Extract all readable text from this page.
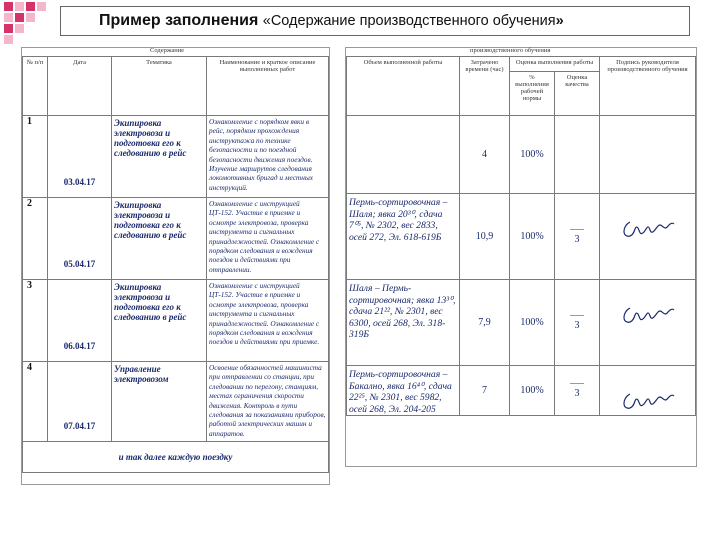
Пример заполнения «Содержание производственного обучения»
Содержание
№ п/п	Дата	Тематика	Наименование и краткое описание выполненных работ
1	03.04.17	Экипировка электровоза и подготовка его к следованию в рейс	Ознакомление с порядком явки в рейс, порядком прохождения инструктажа по технике безопасности и по поездной безопасности движения поездов. Изучение маршрутов следования локомотивных бригад и местных инструкций.
2	05.04.17	Экипировка электровоза и подготовка его к следованию в рейс	Ознакомление с инструкцией ЦТ-152. Участие в приемке и осмотре электровоза, проверка инструмента и сигнальных принадлежностей. Ознакомление с порядком следования и вождения поездов и действиями при отправлении.
3	06.04.17	Экипировка электровоза и подготовка его к следованию в рейс	Ознакомление с инструкцией ЦТ-152. Участие в приемке и осмотре электровоза, проверка инструмента и сигнальных принадлежностей. Ознакомление с порядком следования и вождения поездов и действиями при приемке.
4	07.04.17	Управление электровозом	Освоение обязанностей машиниста при отправлении со станции, при следовании по перегону, станциям, местах ограничения скорости движения. Контроль в пути следования за показаниями приборов, работой электрических машин и аппаратов.
и так далее каждую поездку			
производственного обучения
Объем выполненной работы	Затрачено времени (час)	Оценка выполнения работы		Подпись руководителя производственного обучения
		% выполнения рабочей нормы	Оценка качества	
	4	100%		
Пермь-сортировочная – Шаля; явка 20³⁰, сдача 7⁰⁵, № 2302, вес 2833, осей 272, Эл. 618-619Б	10,9	100%	3	

Шаля – Пермь-сортировочная; явка 13³⁰, сдача 21²², № 2301, вес 6300, осей 268, Эл. 318-319Б	7,9	100%	3	

Пермь-сортировочная – Бакално, явка 16⁴⁰, сдача 22²⁵, № 2301, вес 5982, осей 268, Эл. 204-205	7	100%	3	
